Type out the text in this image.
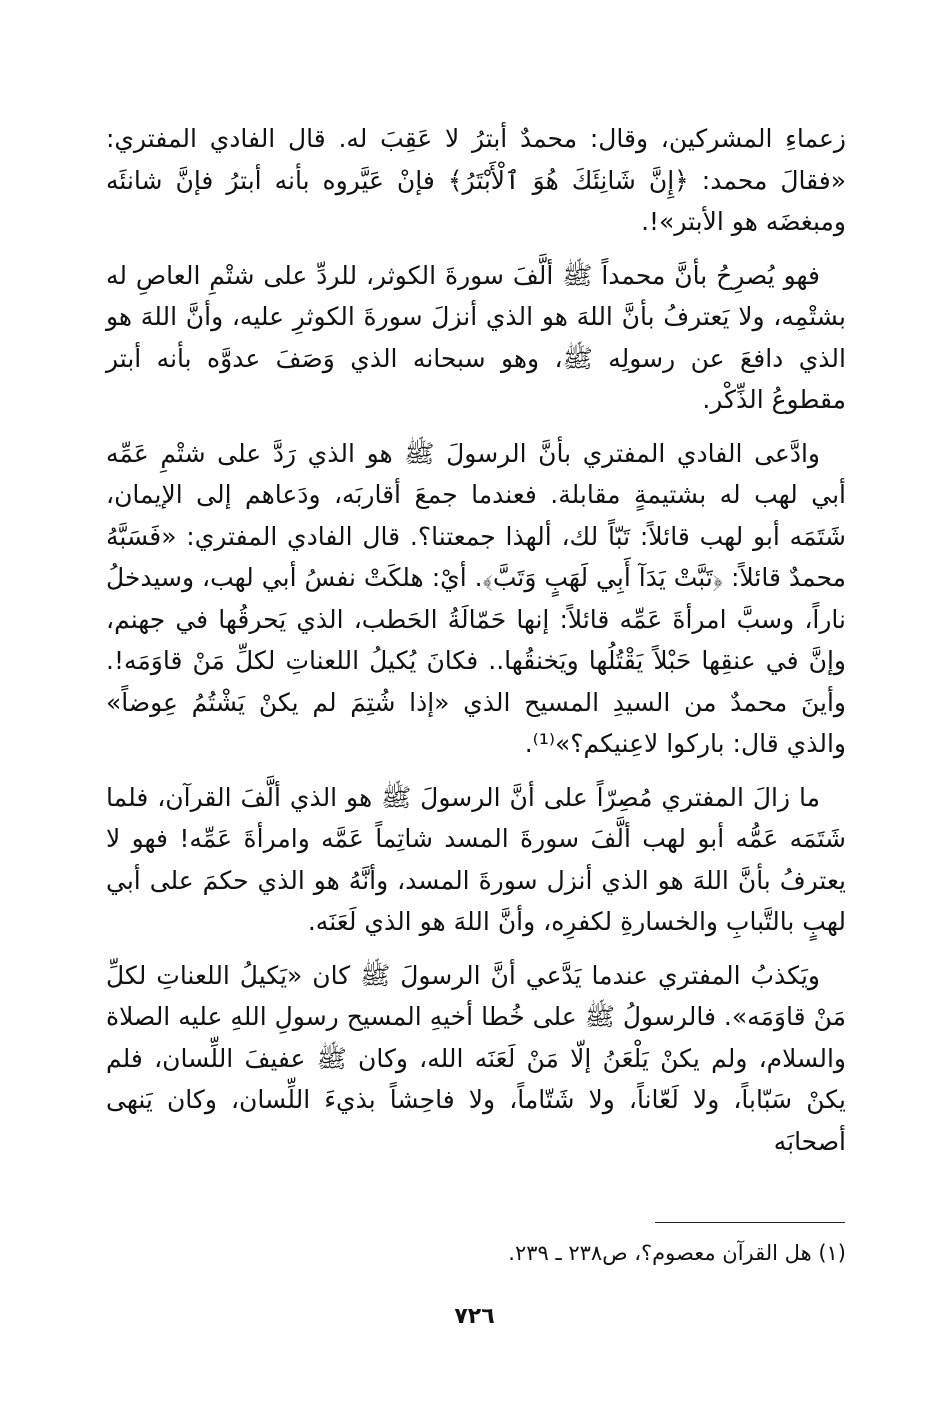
زعماءِ المشركين، وقال: محمدٌ أبترُ لا عَقِبَ له. قال الفادي المفتري: «فقالَ محمد: ﴿إِنَّ شَانِئَكَ هُوَ ٱلْأَبْتَرُ﴾ فإنْ عَيَّروه بأنه أبترُ فإنَّ شانئَه ومبغضَه هو الأبتر»!.

فهو يُصرِحُ بأنَّ محمداً ﷺ ألَّفَ سورةَ الكوثر، للردِّ على شتْمِ العاصِ له بشتْمِه، ولا يَعترفُ بأنَّ اللهَ هو الذي أنزلَ سورةَ الكوثرِ عليه، وأنَّ اللهَ هو الذي دافعَ عن رسولِه ﷺ، وهو سبحانه الذي وَصَفَ عدوَّه بأنه أبتر مقطوعُ الذِّكْر.

وادَّعى الفادي المفتري بأنَّ الرسولَ ﷺ هو الذي رَدَّ على شتْمِ عَمِّه أبي لهب له بشتيمةٍ مقابلة. فعندما جمعَ أقاربَه، ودَعاهم إلى الإيمان، شَتَمَه أبو لهب قائلاً: تَبّاً لك، ألهذا جمعتنا؟. قال الفادي المفتري: «فَسَبَّهُ محمدٌ قائلاً: ﴿تَبَّتْ يَدَآ أَبِي لَهَبٍ وَتَبَّ﴾. أيْ: هلكَتْ نفسُ أبي لهب، وسيدخلُ ناراً، وسبَّ امرأةَ عَمِّه قائلاً: إنها حَمّالَةُ الحَطب، الذي يَحرقُها في جهنم، وإنَّ في عنقِها حَبْلاً يَقْتُلُها ويَخنقُها.. فكانَ يُكيلُ اللعناتِ لكلِّ مَنْ قاوَمَه!. وأينَ محمدٌ من السيدِ المسيح الذي «إذا شُتِمَ لم يكنْ يَشْتُمُ عِوضاً» والذي قال: باركوا لاعِنيكم؟»⁽¹⁾.

ما زالَ المفتري مُصِرّاً على أنَّ الرسولَ ﷺ هو الذي ألَّفَ القرآن، فلما شَتَمَه عَمُّه أبو لهب ألَّفَ سورةَ المسد شاتِماً عَمَّه وامرأةَ عَمِّه! فهو لا يعترفُ بأنَّ اللهَ هو الذي أنزل سورةَ المسد، وأنَّهُ هو الذي حكمَ على أبي لهبٍ بالتَّبابِ والخسارةِ لكفرِه، وأنَّ اللهَ هو الذي لَعَنَه.

ويَكذبُ المفتري عندما يَدَّعي أنَّ الرسولَ ﷺ كان «يَكيلُ اللعناتِ لكلِّ مَنْ قاوَمَه». فالرسولُ ﷺ على خُطا أخيهِ المسيح رسولِ اللهِ عليه الصلاة والسلام، ولم يكنْ يَلْعَنُ إلّا مَنْ لَعَنَه الله، وكان ﷺ عفيفَ اللِّسان، فلم يكنْ سَبّاباً، ولا لَعّاناً، ولا شَتّاماً، ولا فاحِشاً بذيءَ اللِّسان، وكان يَنهى أصحابَه

(١) هل القرآن معصوم؟، ص٢٣٨ ـ ٢٣٩.
٧٢٦
